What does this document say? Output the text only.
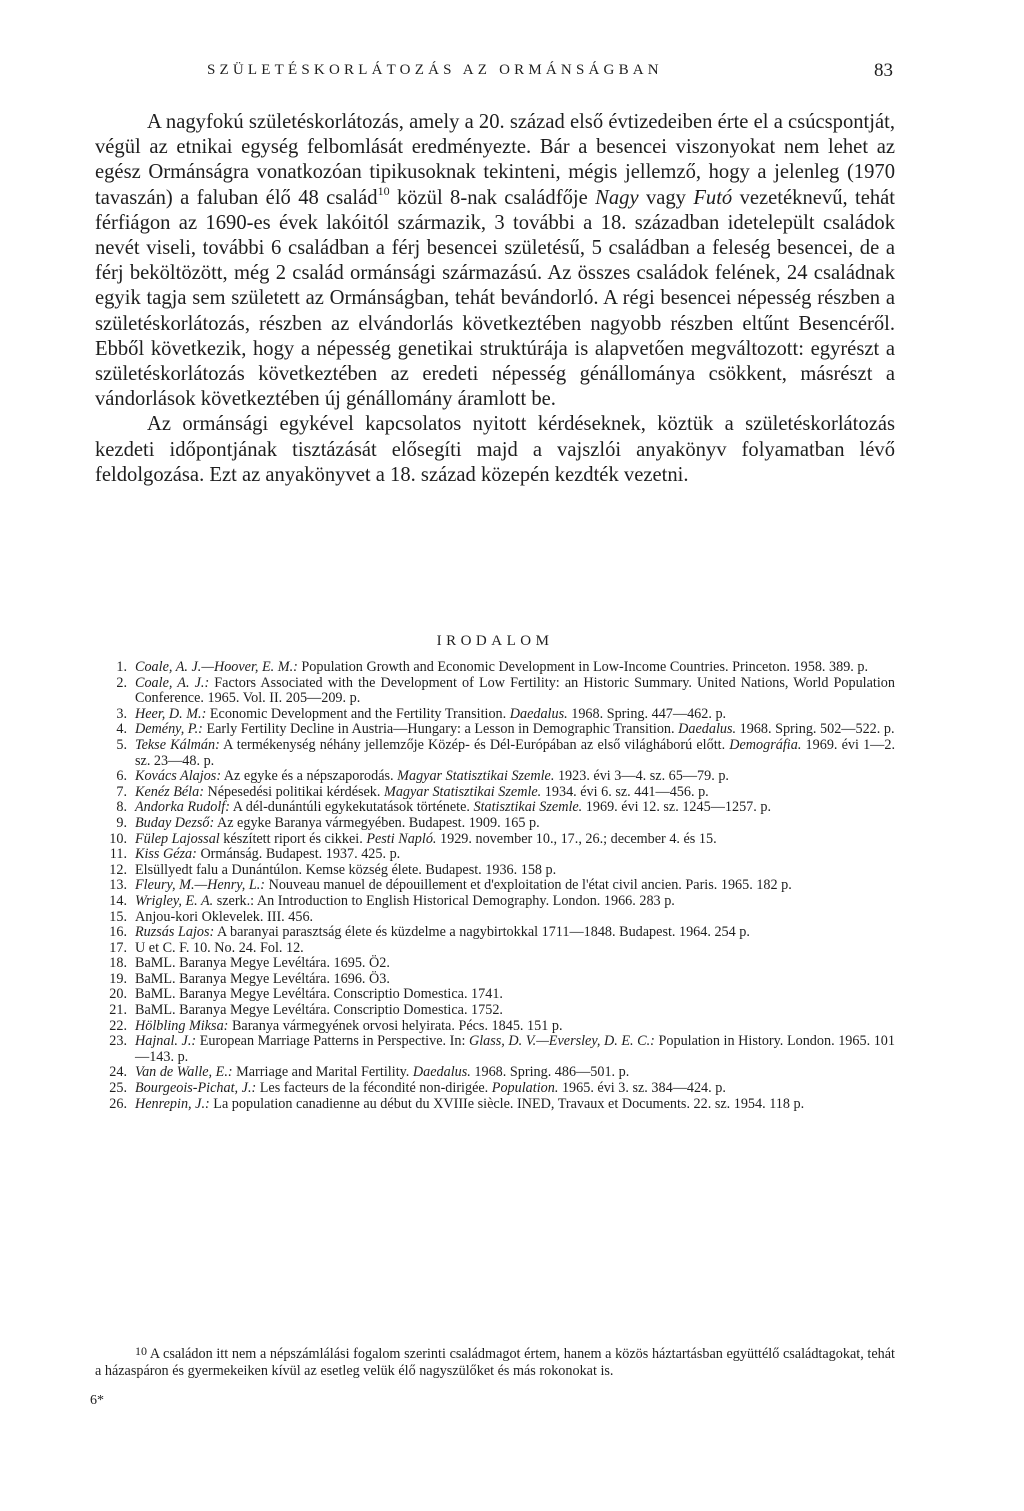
SZÜLETÉSKORLÁTOZÁS AZ ORMÁNSÁGBAN	83

A nagyfokú születéskorlátozás, amely a 20. század első évtizedeiben érte el a csúcspontját, végül az etnikai egység felbomlását eredményezte. Bár a besencei viszonyokat nem lehet az egész Ormánságra vonatkozóan tipikusoknak tekinteni, mégis jellemző, hogy a jelenleg (1970 tavaszán) a faluban élő 48 család$^{10}$ közül 8-nak családfője Nagy vagy Futó vezetéknevű, tehát férfiágon az 1690-es évek lakóitól származik, 3 további a 18. században idetelepült családok nevét viseli, további 6 családban a férj besencei születésű, 5 családban a feleség besencei, de a férj beköltözött, még 2 család ormánsági származású. Az összes családok felének, 24 családnak egyik tagja sem született az Ormánságban, tehát bevándorló. A régi besencei népesség részben a születéskorlátozás, részben az elvándorlás következtében nagyobb részben eltűnt Besencéről. Ebből következik, hogy a népesség genetikai struktúrája is alapvetően megváltozott: egyrészt a születéskorlátozás következtében az eredeti népesség génállománya csökkent, másrészt a vándorlások következtében új génállomány áramlott be.

Az ormánsági egykével kapcsolatos nyitott kérdéseknek, köztük a születéskorlátozás kezdeti időpontjának tisztázását elősegíti majd a vajszlói anyakönyv folyamatban lévő feldolgozása. Ezt az anyakönyvet a 18. század közepén kezdték vezetni.

IRODALOM
1. Coale, A. J.—Hoover, E. M.: Population Growth and Economic Development in Low-Income Countries. Princeton. 1958. 389. p.
2. Coale, A. J.: Factors Associated with the Development of Low Fertility: an Historic Summary. United Nations, World Population Conference. 1965. Vol. II. 205—209. p.
3. Heer, D. M.: Economic Development and the Fertility Transition. Daedalus. 1968. Spring. 447—462. p.
4. Demény, P.: Early Fertility Decline in Austria—Hungary: a Lesson in Demographic Transition. Daedalus. 1968. Spring. 502—522. p.
5. Tekse Kálmán: A termékenység néhány jellemzője Közép- és Dél-Európában az első világháború előtt. Demográfia. 1969. évi 1—2. sz. 23—48. p.
6. Kovács Alajos: Az egyke és a népszaporodás. Magyar Statisztikai Szemle. 1923. évi 3—4. sz. 65—79. p.
7. Kenéz Béla: Népesedési politikai kérdések. Magyar Statisztikai Szemle. 1934. évi 6. sz. 441—456. p.
8. Andorka Rudolf: A dél-dunántúli egykekutatások története. Statisztikai Szemle. 1969. évi 12. sz. 1245—1257. p.
9. Buday Dezső: Az egyke Baranya vármegyében. Budapest. 1909. 165 p.
10. Fülep Lajossal készített riport és cikkei. Pesti Napló. 1929. november 10., 17., 26.; december 4. és 15.
11. Kiss Géza: Ormánság. Budapest. 1937. 425. p.
12. Elsüllyedt falu a Dunántúlon. Kemse község élete. Budapest. 1936. 158 p.
13. Fleury, M.—Henry, L.: Nouveau manuel de dépouillement et d'exploitation de l'état civil ancien. Paris. 1965. 182 p.
14. Wrigley, E. A. szerk.: An Introduction to English Historical Demography. London. 1966. 283 p.
15. Anjou-kori Oklevelek. III. 456.
16. Ruzsás Lajos: A baranyai parasztság élete és küzdelme a nagybirtokkal 1711—1848. Budapest. 1964. 254 p.
17. U et C. F. 10. No. 24. Fol. 12.
18. BaML. Baranya Megye Levéltára. 1695. Ö2.
19. BaML. Baranya Megye Levéltára. 1696. Ö3.
20. BaML. Baranya Megye Levéltára. Conscriptio Domestica. 1741.
21. BaML. Baranya Megye Levéltára. Conscriptio Domestica. 1752.
22. Hölbling Miksa: Baranya vármegyének orvosi helyirata. Pécs. 1845. 151 p.
23. Hajnal. J.: European Marriage Patterns in Perspective. In: Glass, D. V.—Eversley, D. E. C.: Population in History. London. 1965. 101—143. p.
24. Van de Walle, E.: Marriage and Marital Fertility. Daedalus. 1968. Spring. 486—501. p.
25. Bourgeois-Pichat, J.: Les facteurs de la fécondité non-dirigée. Population. 1965. évi 3. sz. 384—424. p.
26. Henrepin, J.: La population canadienne au début du XVIIIe siècle. INED, Travaux et Documents. 22. sz. 1954. 118 p.
$^{10}$ A családon itt nem a népszámlálási fogalom szerinti családmagot értem, hanem a közös háztartásban együttélő családtagokat, tehát a házaspáron és gyermekeiken kívül az esetleg velük élő nagyszülőket és más rokonokat is.
6*
